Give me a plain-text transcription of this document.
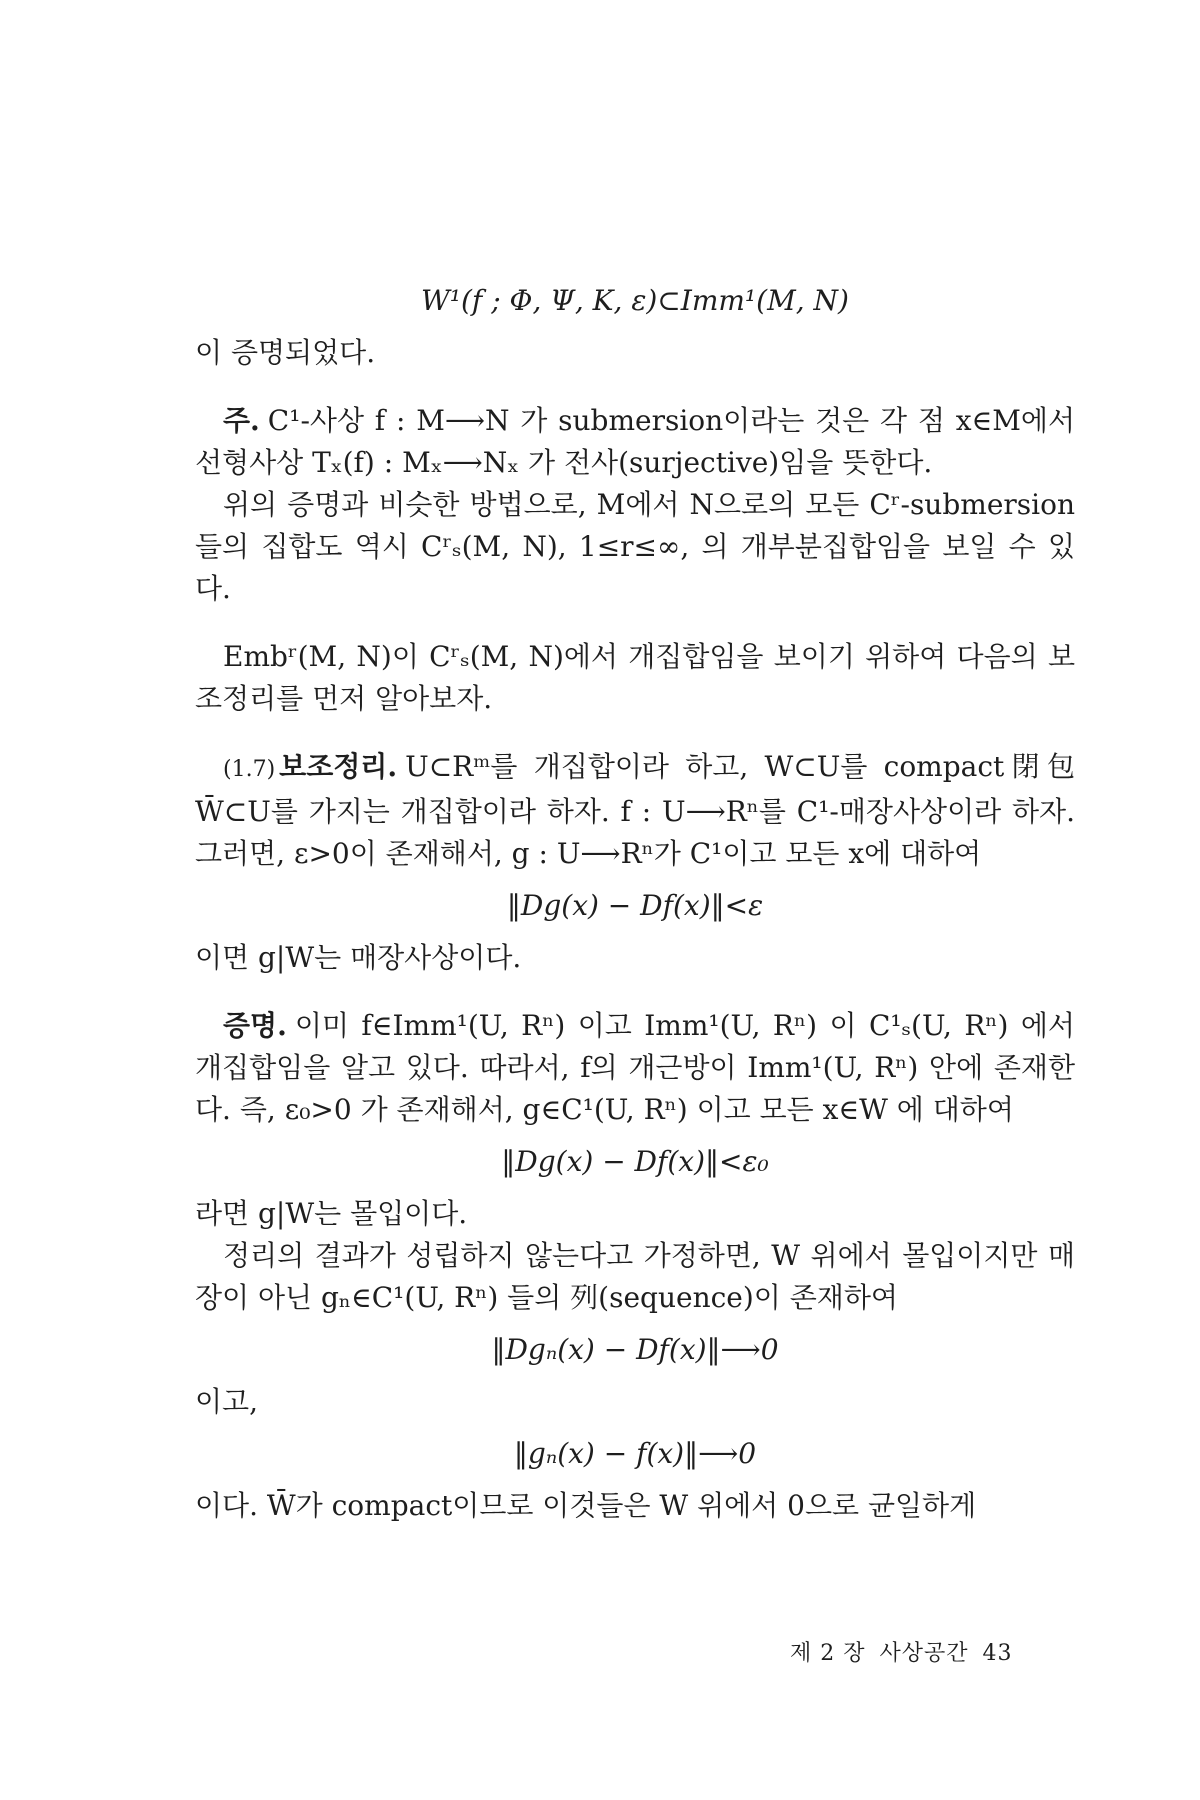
W¹(f ; Φ, Ψ, K, ε)⊂Imm¹(M, N)

이 증명되었다.

주. C¹-사상 f : M⟶N 가 submersion이라는 것은 각 점 x∈M에서 선형사상 Tₓ(f) : Mₓ⟶Nₓ 가 전사(surjective)임을 뜻한다.

위의 증명과 비슷한 방법으로, M에서 N으로의 모든 Cʳ-submersion들의 집합도 역시 Cʳₛ(M, N), 1≤r≤∞, 의 개부분집합임을 보일 수 있다.

Embʳ(M, N)이 Cʳₛ(M, N)에서 개집합임을 보이기 위하여 다음의 보조정리를 먼저 알아보자.

(1.7) 보조정리. U⊂Rᵐ를 개집합이라 하고, W⊂U를 compact閉包 W̄⊂U를 가지는 개집합이라 하자. f : U⟶Rⁿ를 C¹-매장사상이라 하자. 그러면, ε>0이 존재해서, g : U⟶Rⁿ가 C¹이고 모든 x에 대하여

‖Dg(x) − Df(x)‖<ε

이면 g|W는 매장사상이다.

증명. 이미 f∈Imm¹(U, Rⁿ) 이고 Imm¹(U, Rⁿ) 이 C¹ₛ(U, Rⁿ) 에서 개집합임을 알고 있다. 따라서, f의 개근방이 Imm¹(U, Rⁿ) 안에 존재한다. 즉, ε₀>0 가 존재해서, g∈C¹(U, Rⁿ) 이고 모든 x∈W 에 대하여

‖Dg(x) − Df(x)‖<ε₀

라면 g|W는 몰입이다.

정리의 결과가 성립하지 않는다고 가정하면, W 위에서 몰입이지만 매장이 아닌 gₙ∈C¹(U, Rⁿ) 들의 列(sequence)이 존재하여

‖Dgₙ(x) − Df(x)‖⟶0

이고,

‖gₙ(x) − f(x)‖⟶0

이다. W̄가 compact이므로 이것들은 W 위에서 0으로 균일하게

제 2 장 사상공간 43
